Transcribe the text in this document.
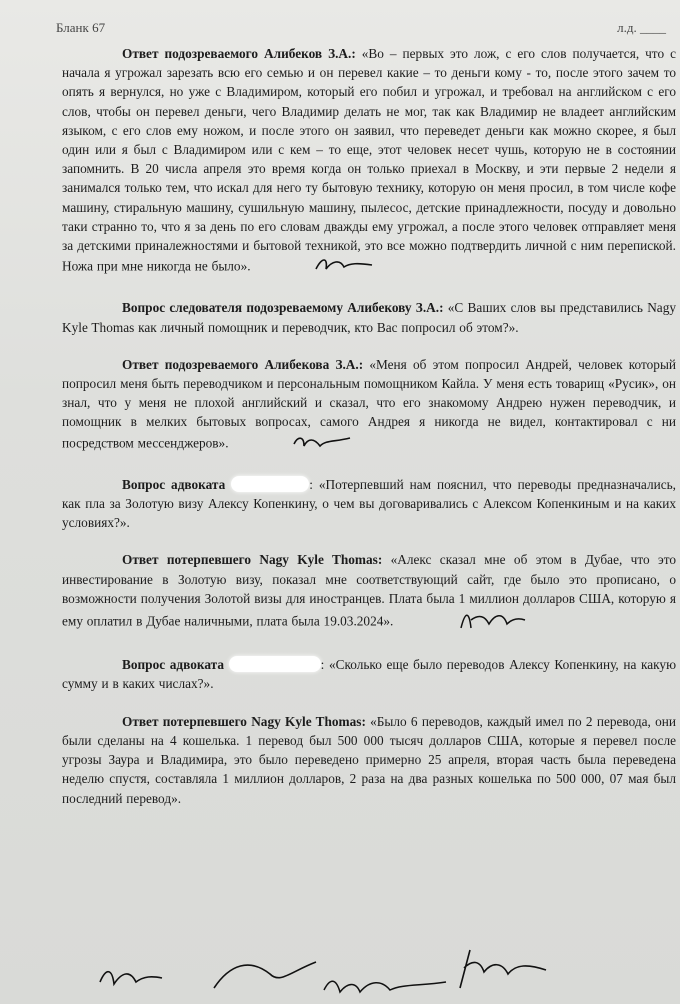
Бланк 67	л.д. ____

Ответ подозреваемого Алибеков З.А.: «Во – первых это лож, с его слов получается, что с начала я угрожал зарезать всю его семью и он перевел какие – то деньги кому - то, после этого зачем то опять я вернулся, но уже с Владимиром, который его побил и угрожал, и требовал на английском с его слов, чтобы он перевел деньги, чего Владимир делать не мог, так как Владимир не владеет английским языком, с его слов ему ножом, и после этого он заявил, что переведет деньги как можно скорее, я был один или я был с Владимиром или с кем – то еще, этот человек несет чушь, которую не в состоянии запомнить. В 20 числа апреля это время когда он только приехал в Москву, и эти первые 2 недели я занимался только тем, что искал для него ту бытовую технику, которую он меня просил, в том числе кофе машину, стиральную машину, сушильную машину, пылесос, детские принадлежности, посуду и довольно таки странно то, что я за день по его словам дважды ему угрожал, а после этого человек отправляет меня за детскими приналежностями и бытовой техникой, это все можно подтвердить личной с ним перепиской. Ножа при мне никогда не было».

Вопрос следователя подозреваемому Алибекову З.А.: «С Ваших слов вы представились Nagy Kyle Thomas как личный помощник и переводчик, кто Вас попросил об этом?».

Ответ подозреваемого Алибекова З.А.: «Меня об этом попросил Андрей, человек который попросил меня быть переводчиком и персональным помощником Кайла. У меня есть товарищ «Русик», он знал, что у меня не плохой английский и сказал, что его знакомому Андрею нужен переводчик, и помощник в мелких бытовых вопросах, самого Андрея я никогда не видел, контактировал с ни посредством мессенджеров».

Вопрос адвоката	: «Потерпевший нам пояснил, что переводы предназначались, как пла за Золотую визу Алексу Копенкину, о чем вы договаривались с Алексом Копенкиным и на каких условиях?».

Ответ потерпевшего Nagy Kyle Thomas: «Алекс сказал мне об этом в Дубае, что это инвестирование в Золотую визу, показал мне соответствующий сайт, где было это прописано, о возможности получения Золотой визы для иностранцев. Плата была 1 миллион долларов США, которую я ему оплатил в Дубае наличными, плата была 19.03.2024».

Вопрос адвоката	: «Сколько еще было переводов Алексу Копенкину, на какую сумму и в каких числах?».

Ответ потерпевшего Nagy Kyle Thomas: «Было 6 переводов, каждый имел по 2 перевода, они были сделаны на 4 кошелька. 1 перевод был 500 000 тысяч долларов США, которые я перевел после угрозы Заура и Владимира, это было переведено примерно 25 апреля, вторая часть была переведена неделю спустя, составляла 1 миллион долларов, 2 раза на два разных кошелька по 500 000, 07 мая был последний перевод».
